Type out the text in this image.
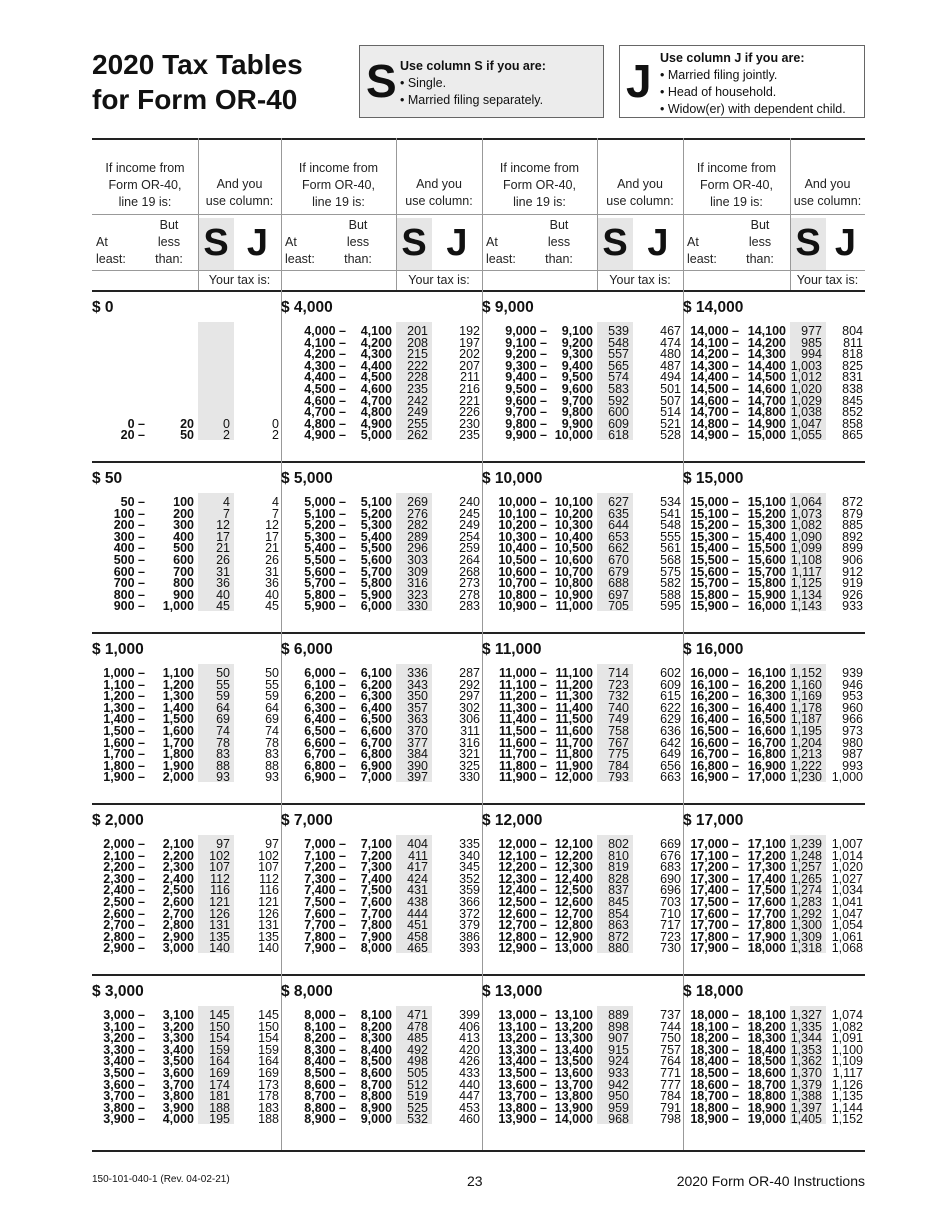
2020 Tax Tables
for Form OR-40	S Use column S if you are:
• Single.
• Married filing separately. J Use column J if you are:
• Married filing jointly.
• Head of household.
• Widow(er) with dependent child.
If income from
Form OR-40,
line 19 is:
And you
use column:
At
least:
But
less
than: S J
Your tax is:
$ 0
0 –	20	0	0
20 –	50	2	2
$ 50
50 –	100	4	4
100 –	200	7	7
200 –	300	12	12
300 –	400	17	17
400 –	500	21	21
500 –	600	26	26
600 –	700	31	31
700 –	800	36	36
800 –	900	40	40
900 –	1,000	45	45
$ 1,000
1,000 –	1,100	50	50
1,100 –	1,200	55	55
1,200 –	1,300	59	59
1,300 –	1,400	64	64
1,400 –	1,500	69	69
1,500 –	1,600	74	74
1,600 –	1,700	78	78
1,700 –	1,800	83	83
1,800 –	1,900	88	88
1,900 –	2,000	93	93
$ 2,000
2,000 –	2,100	97	97
2,100 –	2,200	102	102
2,200 –	2,300	107	107
2,300 –	2,400	112	112
2,400 –	2,500	116	116
2,500 –	2,600	121	121
2,600 –	2,700	126	126
2,700 –	2,800	131	131
2,800 –	2,900	135	135
2,900 –	3,000	140	140
$ 3,000
3,000 –	3,100	145	145
3,100 –	3,200	150	150
3,200 –	3,300	154	154
3,300 –	3,400	159	159
3,400 –	3,500	164	164
3,500 –	3,600	169	169
3,600 –	3,700	174	173
3,700 –	3,800	181	178
3,800 –	3,900	188	183
3,900 –	4,000	195	188
If income from
Form OR-40,
line 19 is:
And you
use column:
At
least:
But
less
than: S J
Your tax is:
$ 4,000
4,000 –	4,100	201	192
4,100 –	4,200	208	197
4,200 –	4,300	215	202
4,300 –	4,400	222	207
4,400 –	4,500	228	211
4,500 –	4,600	235	216
4,600 –	4,700	242	221
4,700 –	4,800	249	226
4,800 –	4,900	255	230
4,900 –	5,000	262	235
$ 5,000
5,000 –	5,100	269	240
5,100 –	5,200	276	245
5,200 –	5,300	282	249
5,300 –	5,400	289	254
5,400 –	5,500	296	259
5,500 –	5,600	303	264
5,600 –	5,700	309	268
5,700 –	5,800	316	273
5,800 –	5,900	323	278
5,900 –	6,000	330	283
$ 6,000
6,000 –	6,100	336	287
6,100 –	6,200	343	292
6,200 –	6,300	350	297
6,300 –	6,400	357	302
6,400 –	6,500	363	306
6,500 –	6,600	370	311
6,600 –	6,700	377	316
6,700 –	6,800	384	321
6,800 –	6,900	390	325
6,900 –	7,000	397	330
$ 7,000
7,000 –	7,100	404	335
7,100 –	7,200	411	340
7,200 –	7,300	417	345
7,300 –	7,400	424	352
7,400 –	7,500	431	359
7,500 –	7,600	438	366
7,600 –	7,700	444	372
7,700 –	7,800	451	379
7,800 –	7,900	458	386
7,900 –	8,000	465	393
$ 8,000
8,000 –	8,100	471	399
8,100 –	8,200	478	406
8,200 –	8,300	485	413
8,300 –	8,400	492	420
8,400 –	8,500	498	426
8,500 –	8,600	505	433
8,600 –	8,700	512	440
8,700 –	8,800	519	447
8,800 –	8,900	525	453
8,900 –	9,000	532	460
If income from
Form OR-40,
line 19 is:
And you
use column:
At
least:
But
less
than: S J
Your tax is:
$ 9,000
9,000 –	9,100	539	467
9,100 –	9,200	548	474
9,200 –	9,300	557	480
9,300 –	9,400	565	487
9,400 –	9,500	574	494
9,500 –	9,600	583	501
9,600 –	9,700	592	507
9,700 –	9,800	600	514
9,800 –	9,900	609	521
9,900 – 10,000	618	528
$ 10,000
10,000 – 10,100	627	534
10,100 – 10,200	635	541
10,200 – 10,300	644	548
10,300 – 10,400	653	555
10,400 – 10,500	662	561
10,500 – 10,600	670	568
10,600 – 10,700	679	575
10,700 – 10,800	688	582
10,800 – 10,900	697	588
10,900 – 11,000	705	595
$ 11,000
11,000 – 11,100	714	602
11,100 – 11,200	723	609
11,200 – 11,300	732	615
11,300 – 11,400	740	622
11,400 – 11,500	749	629
11,500 – 11,600	758	636
11,600 – 11,700	767	642
11,700 – 11,800	775	649
11,800 – 11,900	784	656
11,900 – 12,000	793	663
$ 12,000
12,000 – 12,100	802	669
12,100 – 12,200	810	676
12,200 – 12,300	819	683
12,300 – 12,400	828	690
12,400 – 12,500	837	696
12,500 – 12,600	845	703
12,600 – 12,700	854	710
12,700 – 12,800	863	717
12,800 – 12,900	872	723
12,900 – 13,000	880	730
$ 13,000
13,000 – 13,100	889	737
13,100 – 13,200	898	744
13,200 – 13,300	907	750
13,300 – 13,400	915	757
13,400 – 13,500	924	764
13,500 – 13,600	933	771
13,600 – 13,700	942	777
13,700 – 13,800	950	784
13,800 – 13,900	959	791
13,900 – 14,000	968	798
If income from
Form OR-40,
line 19 is:
And you
use column:
At
least:
But
less
than: S J
Your tax is:
$ 14,000
14,000 – 14,100	977	804
14,100 – 14,200	985	811
14,200 – 14,300	994	818
14,300 – 14,400 1,003	825
14,400 – 14,500 1,012	831
14,500 – 14,600 1,020	838
14,600 – 14,700 1,029	845
14,700 – 14,800 1,038	852
14,800 – 14,900 1,047	858
14,900 – 15,000 1,055	865
$ 15,000
15,000 – 15,100 1,064	872
15,100 – 15,200 1,073	879
15,200 – 15,300 1,082	885
15,300 – 15,400 1,090	892
15,400 – 15,500 1,099	899
15,500 – 15,600 1,108	906
15,600 – 15,700 1,117	912
15,700 – 15,800 1,125	919
15,800 – 15,900 1,134	926
15,900 – 16,000 1,143	933
$ 16,000
16,000 – 16,100 1,152	939
16,100 – 16,200 1,160	946
16,200 – 16,300 1,169	953
16,300 – 16,400 1,178	960
16,400 – 16,500 1,187	966
16,500 – 16,600 1,195	973
16,600 – 16,700 1,204	980
16,700 – 16,800 1,213	987
16,800 – 16,900 1,222	993
16,900 – 17,000 1,230 1,000
$ 17,000
17,000 – 17,100 1,239 1,007
17,100 – 17,200 1,248 1,014
17,200 – 17,300 1,257 1,020
17,300 – 17,400 1,265 1,027
17,400 – 17,500 1,274 1,034
17,500 – 17,600 1,283 1,041
17,600 – 17,700 1,292 1,047
17,700 – 17,800 1,300 1,054
17,800 – 17,900 1,309 1,061
17,900 – 18,000 1,318 1,068
$ 18,000
18,000 – 18,100 1,327 1,074
18,100 – 18,200 1,335 1,082
18,200 – 18,300 1,344 1,091
18,300 – 18,400 1,353 1,100
18,400 – 18,500 1,362 1,109
18,500 – 18,600 1,370 1,117
18,600 – 18,700 1,379 1,126
18,700 – 18,800 1,388 1,135
18,800 – 18,900 1,397 1,144
18,900 – 19,000 1,405 1,152
150-101-040-1 (Rev. 04-02-21)	23	2020 Form OR-40 Instructions
